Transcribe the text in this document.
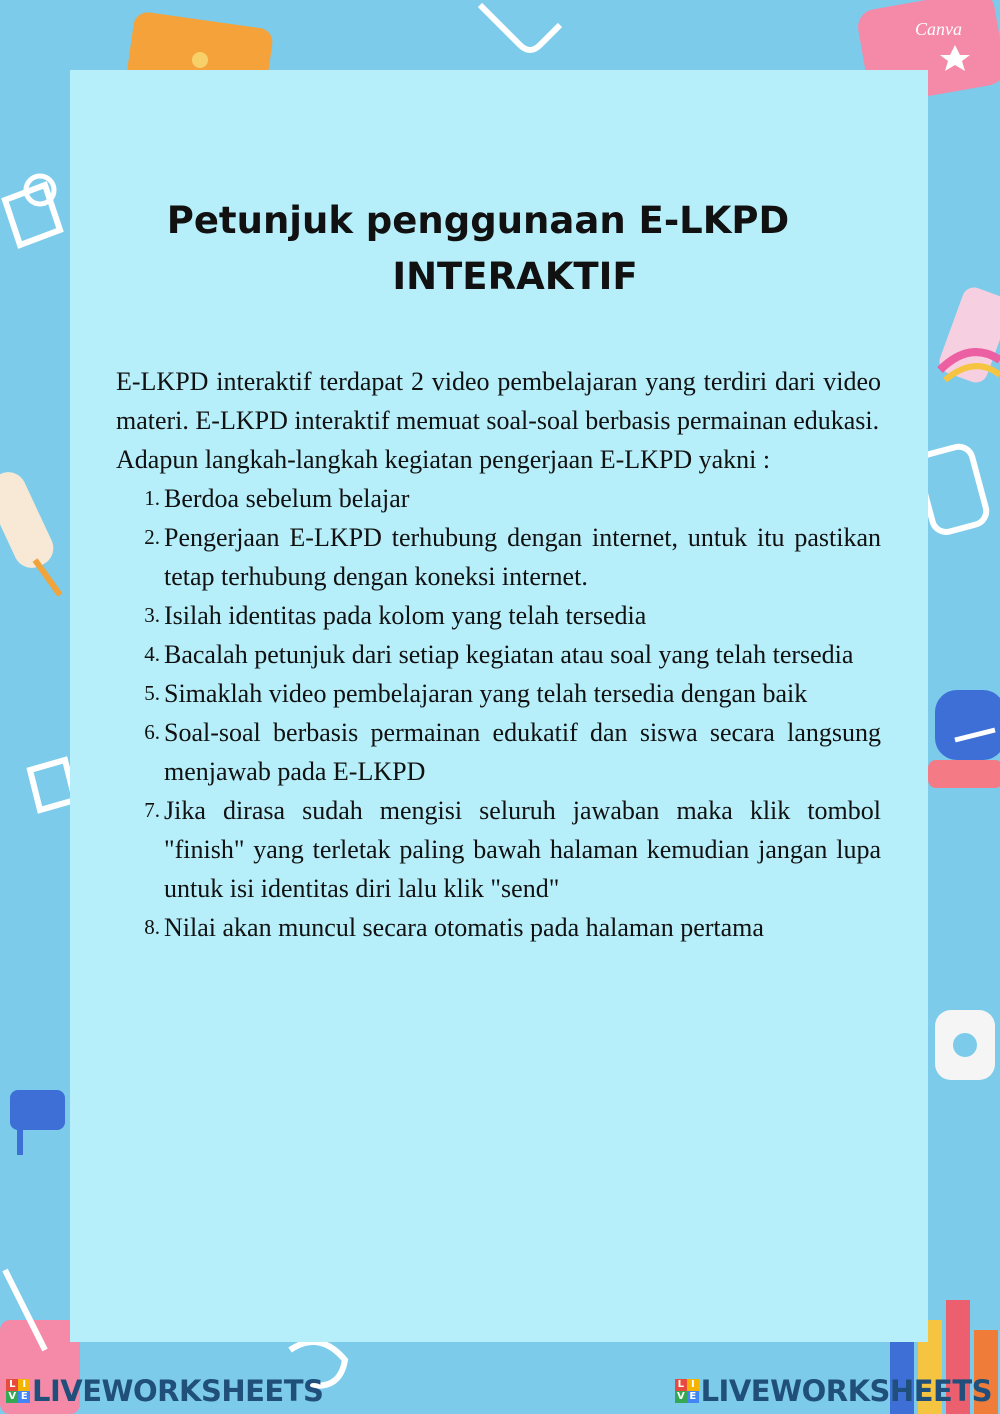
Canva
Petunjuk penggunaan E-LKPD
INTERAKTIF

E-LKPD interaktif terdapat 2 video pembelajaran yang terdiri dari video materi. E-LKPD interaktif memuat soal-soal berbasis permainan edukasi.

Adapun langkah-langkah kegiatan pengerjaan E-LKPD yakni :

1. Berdoa sebelum belajar
2. Pengerjaan E-LKPD terhubung dengan internet, untuk itu pastikan tetap terhubung dengan koneksi internet.
3. Isilah identitas pada kolom yang telah tersedia
4. Bacalah petunjuk dari setiap kegiatan atau soal yang telah tersedia
5. Simaklah video pembelajaran yang telah tersedia dengan baik
6. Soal-soal berbasis permainan edukatif dan siswa secara langsung menjawab pada E-LKPD
7. Jika dirasa sudah mengisi seluruh jawaban maka klik tombol "finish" yang terletak paling bawah halaman kemudian jangan lupa untuk isi identitas diri lalu klik "send"
8. Nilai akan muncul secara otomatis pada halaman pertama
L I
V E LIVEWORKSHEETS	L I
V E LIVEWORKSHEETS
